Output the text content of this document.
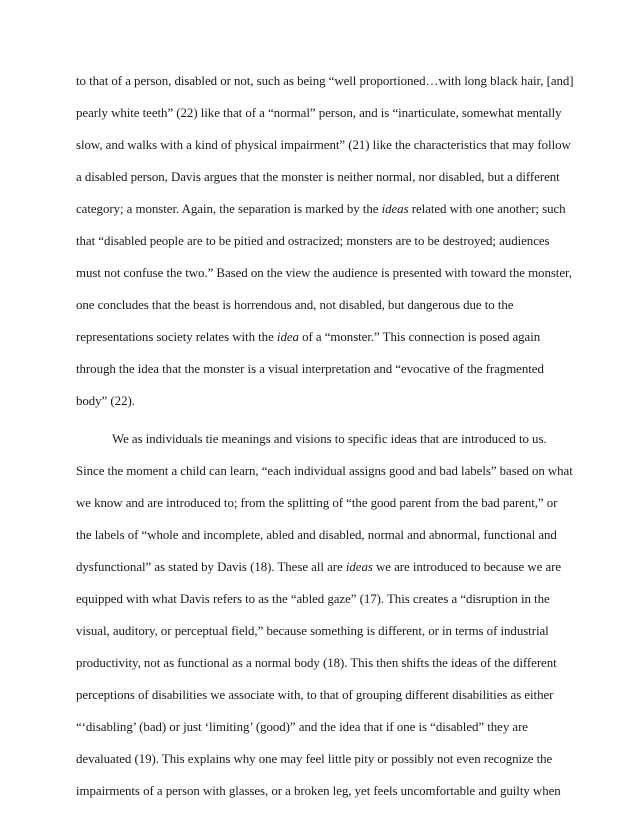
to that of a person, disabled or not, such as being “well proportioned…with long black hair, [and]
pearly white teeth” (22) like that of a “normal” person, and is “inarticulate, somewhat mentally
slow, and walks with a kind of physical impairment” (21) like the characteristics that may follow
a disabled person, Davis argues that the monster is neither normal, nor disabled, but a different
category; a monster. Again, the separation is marked by the ideas related with one another; such
that “disabled people are to be pitied and ostracized; monsters are to be destroyed; audiences
must not confuse the two.” Based on the view the audience is presented with toward the monster,
one concludes that the beast is horrendous and, not disabled, but dangerous due to the
representations society relates with the idea of a “monster.” This connection is posed again
through the idea that the monster is a visual interpretation and “evocative of the fragmented
body” (22).
We as individuals tie meanings and visions to specific ideas that are introduced to us.
Since the moment a child can learn, “each individual assigns good and bad labels” based on what
we know and are introduced to; from the splitting of “the good parent from the bad parent,” or
the labels of “whole and incomplete, abled and disabled, normal and abnormal, functional and
dysfunctional” as stated by Davis (18). These all are ideas we are introduced to because we are
equipped with what Davis refers to as the “abled gaze” (17). This creates a “disruption in the
visual, auditory, or perceptual field,” because something is different, or in terms of industrial
productivity, not as functional as a normal body (18). This then shifts the ideas of the different
perceptions of disabilities we associate with, to that of grouping different disabilities as either
“‘disabling’ (bad) or just ‘limiting’ (good)” and the idea that if one is “disabled” they are
devaluated (19). This explains why one may feel little pity or possibly not even recognize the
impairments of a person with glasses, or a broken leg, yet feels uncomfortable and guilty when
